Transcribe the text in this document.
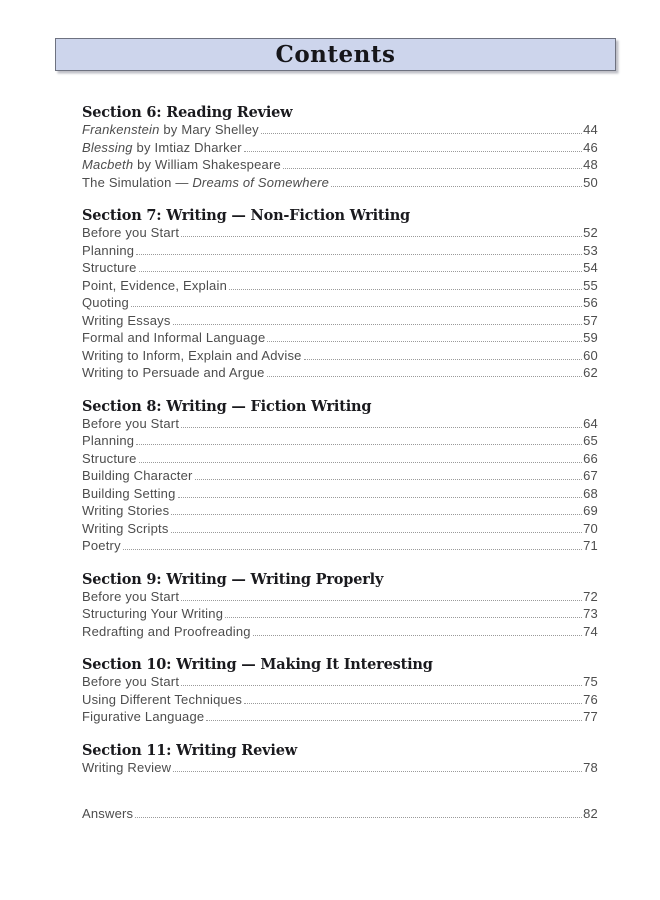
Contents
Section 6: Reading Review
Frankenstein by Mary Shelley	44
Blessing by Imtiaz Dharker	46
Macbeth by William Shakespeare	48
The Simulation — Dreams of Somewhere	50
Section 7: Writing — Non-Fiction Writing
Before you Start	52
Planning	53
Structure	54
Point, Evidence, Explain	55
Quoting	56
Writing Essays	57
Formal and Informal Language	59
Writing to Inform, Explain and Advise	60
Writing to Persuade and Argue	62
Section 8: Writing — Fiction Writing
Before you Start	64
Planning	65
Structure	66
Building Character	67
Building Setting	68
Writing Stories	69
Writing Scripts	70
Poetry	71
Section 9: Writing — Writing Properly
Before you Start	72
Structuring Your Writing	73
Redrafting and Proofreading	74
Section 10: Writing — Making It Interesting
Before you Start	75
Using Different Techniques	76
Figurative Language	77
Section 11: Writing Review
Writing Review	78
Answers	82
